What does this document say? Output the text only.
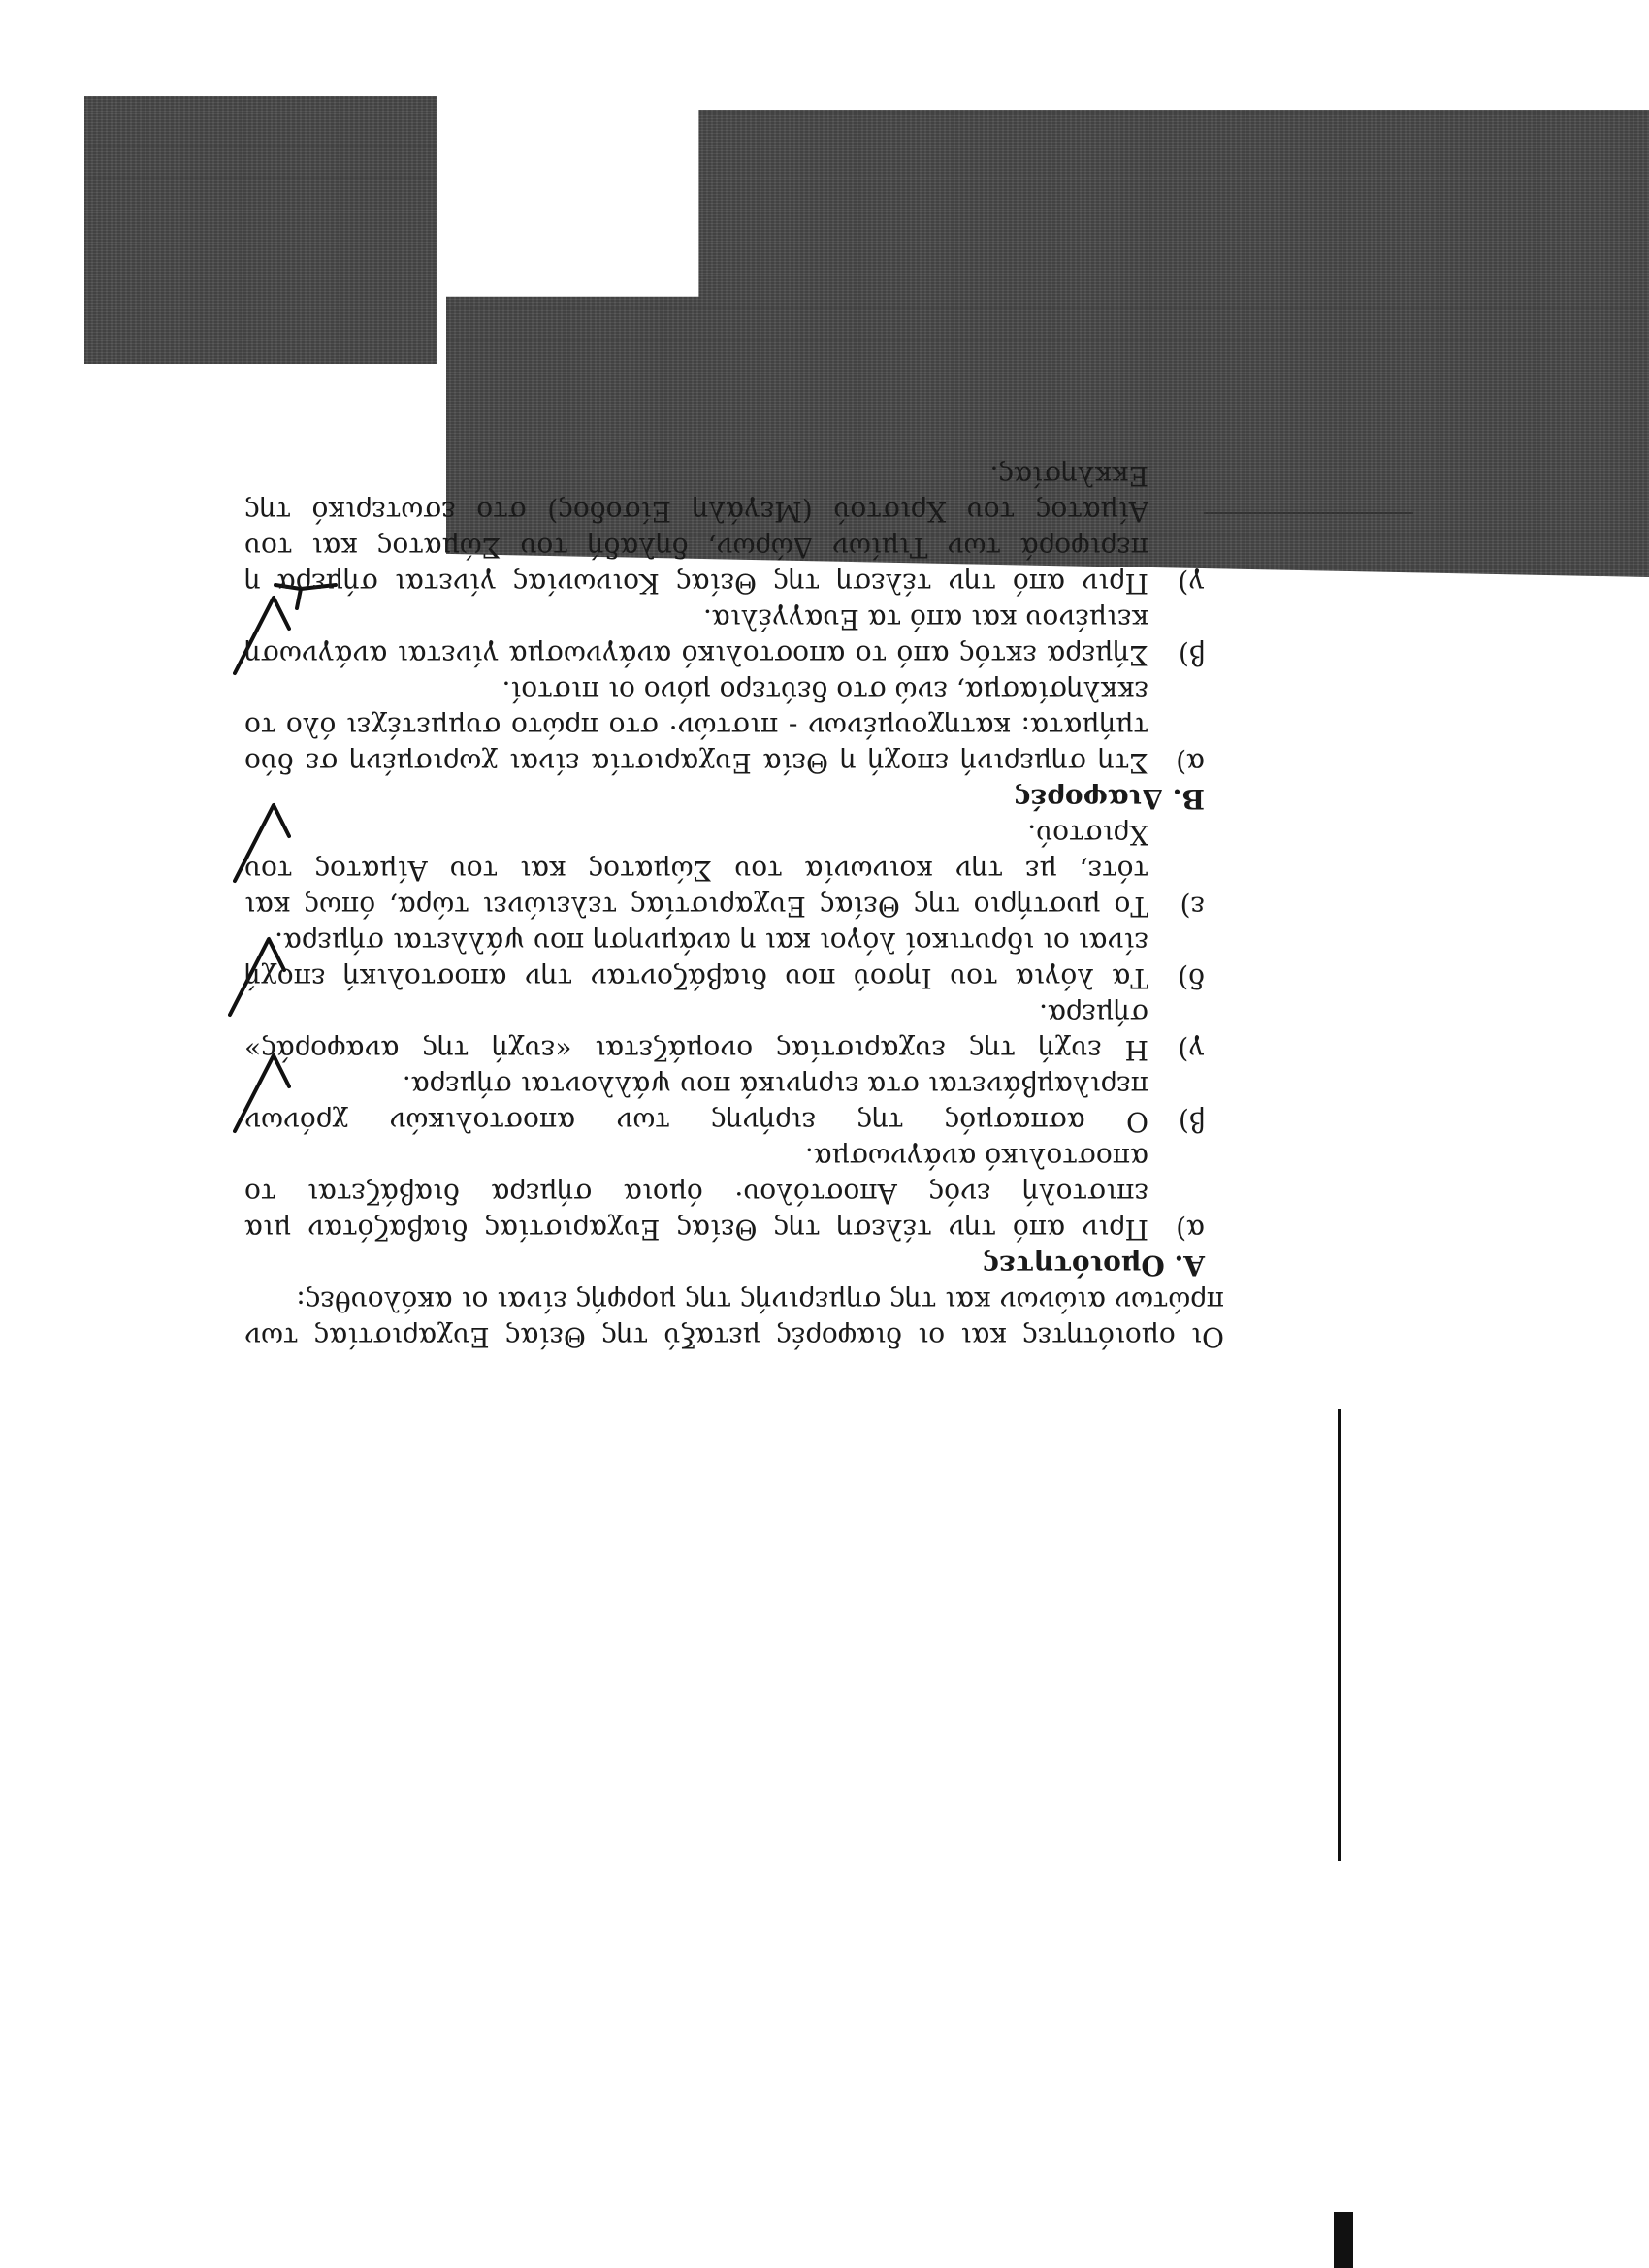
Οι ομοιότητες και οι διαφορές μεταξύ της Θείας Ευχαριστίας των πρώτων αιώνων και της σημερινής της μορφής είναι οι ακόλουθες:

Α. Ομοιότητες

α)
Πριν από την τέλεση της Θείας Ευχαριστίας διαβαζόταν μια επιστολή ενός Αποστόλου· όμοια σήμερα διαβάζεται το αποστολικό ανάγνωσμα.
β)
Ο ασπασμός της ειρήνης των αποστολικών χρόνων περιλαμβάνεται στα ειρηνικά που ψάλλονται σήμερα.
γ)
Η ευχή της ευχαριστίας ονομάζεται «ευχή της αναφοράς» σήμερα.
δ)
Τα λόγια του Ιησού που διαβάζονταν την αποστολική εποχή είναι οι ιδρυτικοί λόγοι και η ανάμνηση που ψάλλεται σήμερα.
ε)
Το μυστήριο της Θείας Ευχαριστίας τελειώνει τώρα, όπως και τότε, με την κοινωνία του Σώματος και του Αίματος του Χριστού.

Β. Διαφορές

α)
Στη σημερινή εποχή η Θεία Ευχαριστία είναι χωρισμένη σε δύο τμήματα: κατηχουμένων - πιστών· στο πρώτο συμμετέχει όλο το εκκλησίασμα, ενώ στο δεύτερο μόνο οι πιστοί.
β)
Σήμερα εκτός από το αποστολικό ανάγνωσμα γίνεται ανάγνωση κειμένου και από τα Ευαγγέλια.
γ)
Πριν από την τέλεση της Θείας Κοινωνίας γίνεται σήμερα η περιφορά των Τιμίων Δώρων, δηλαδή του Σώματος και του Αίματος του Χριστού (Μεγάλη Είσοδος) στο εσωτερικό της Εκκλησίας.
